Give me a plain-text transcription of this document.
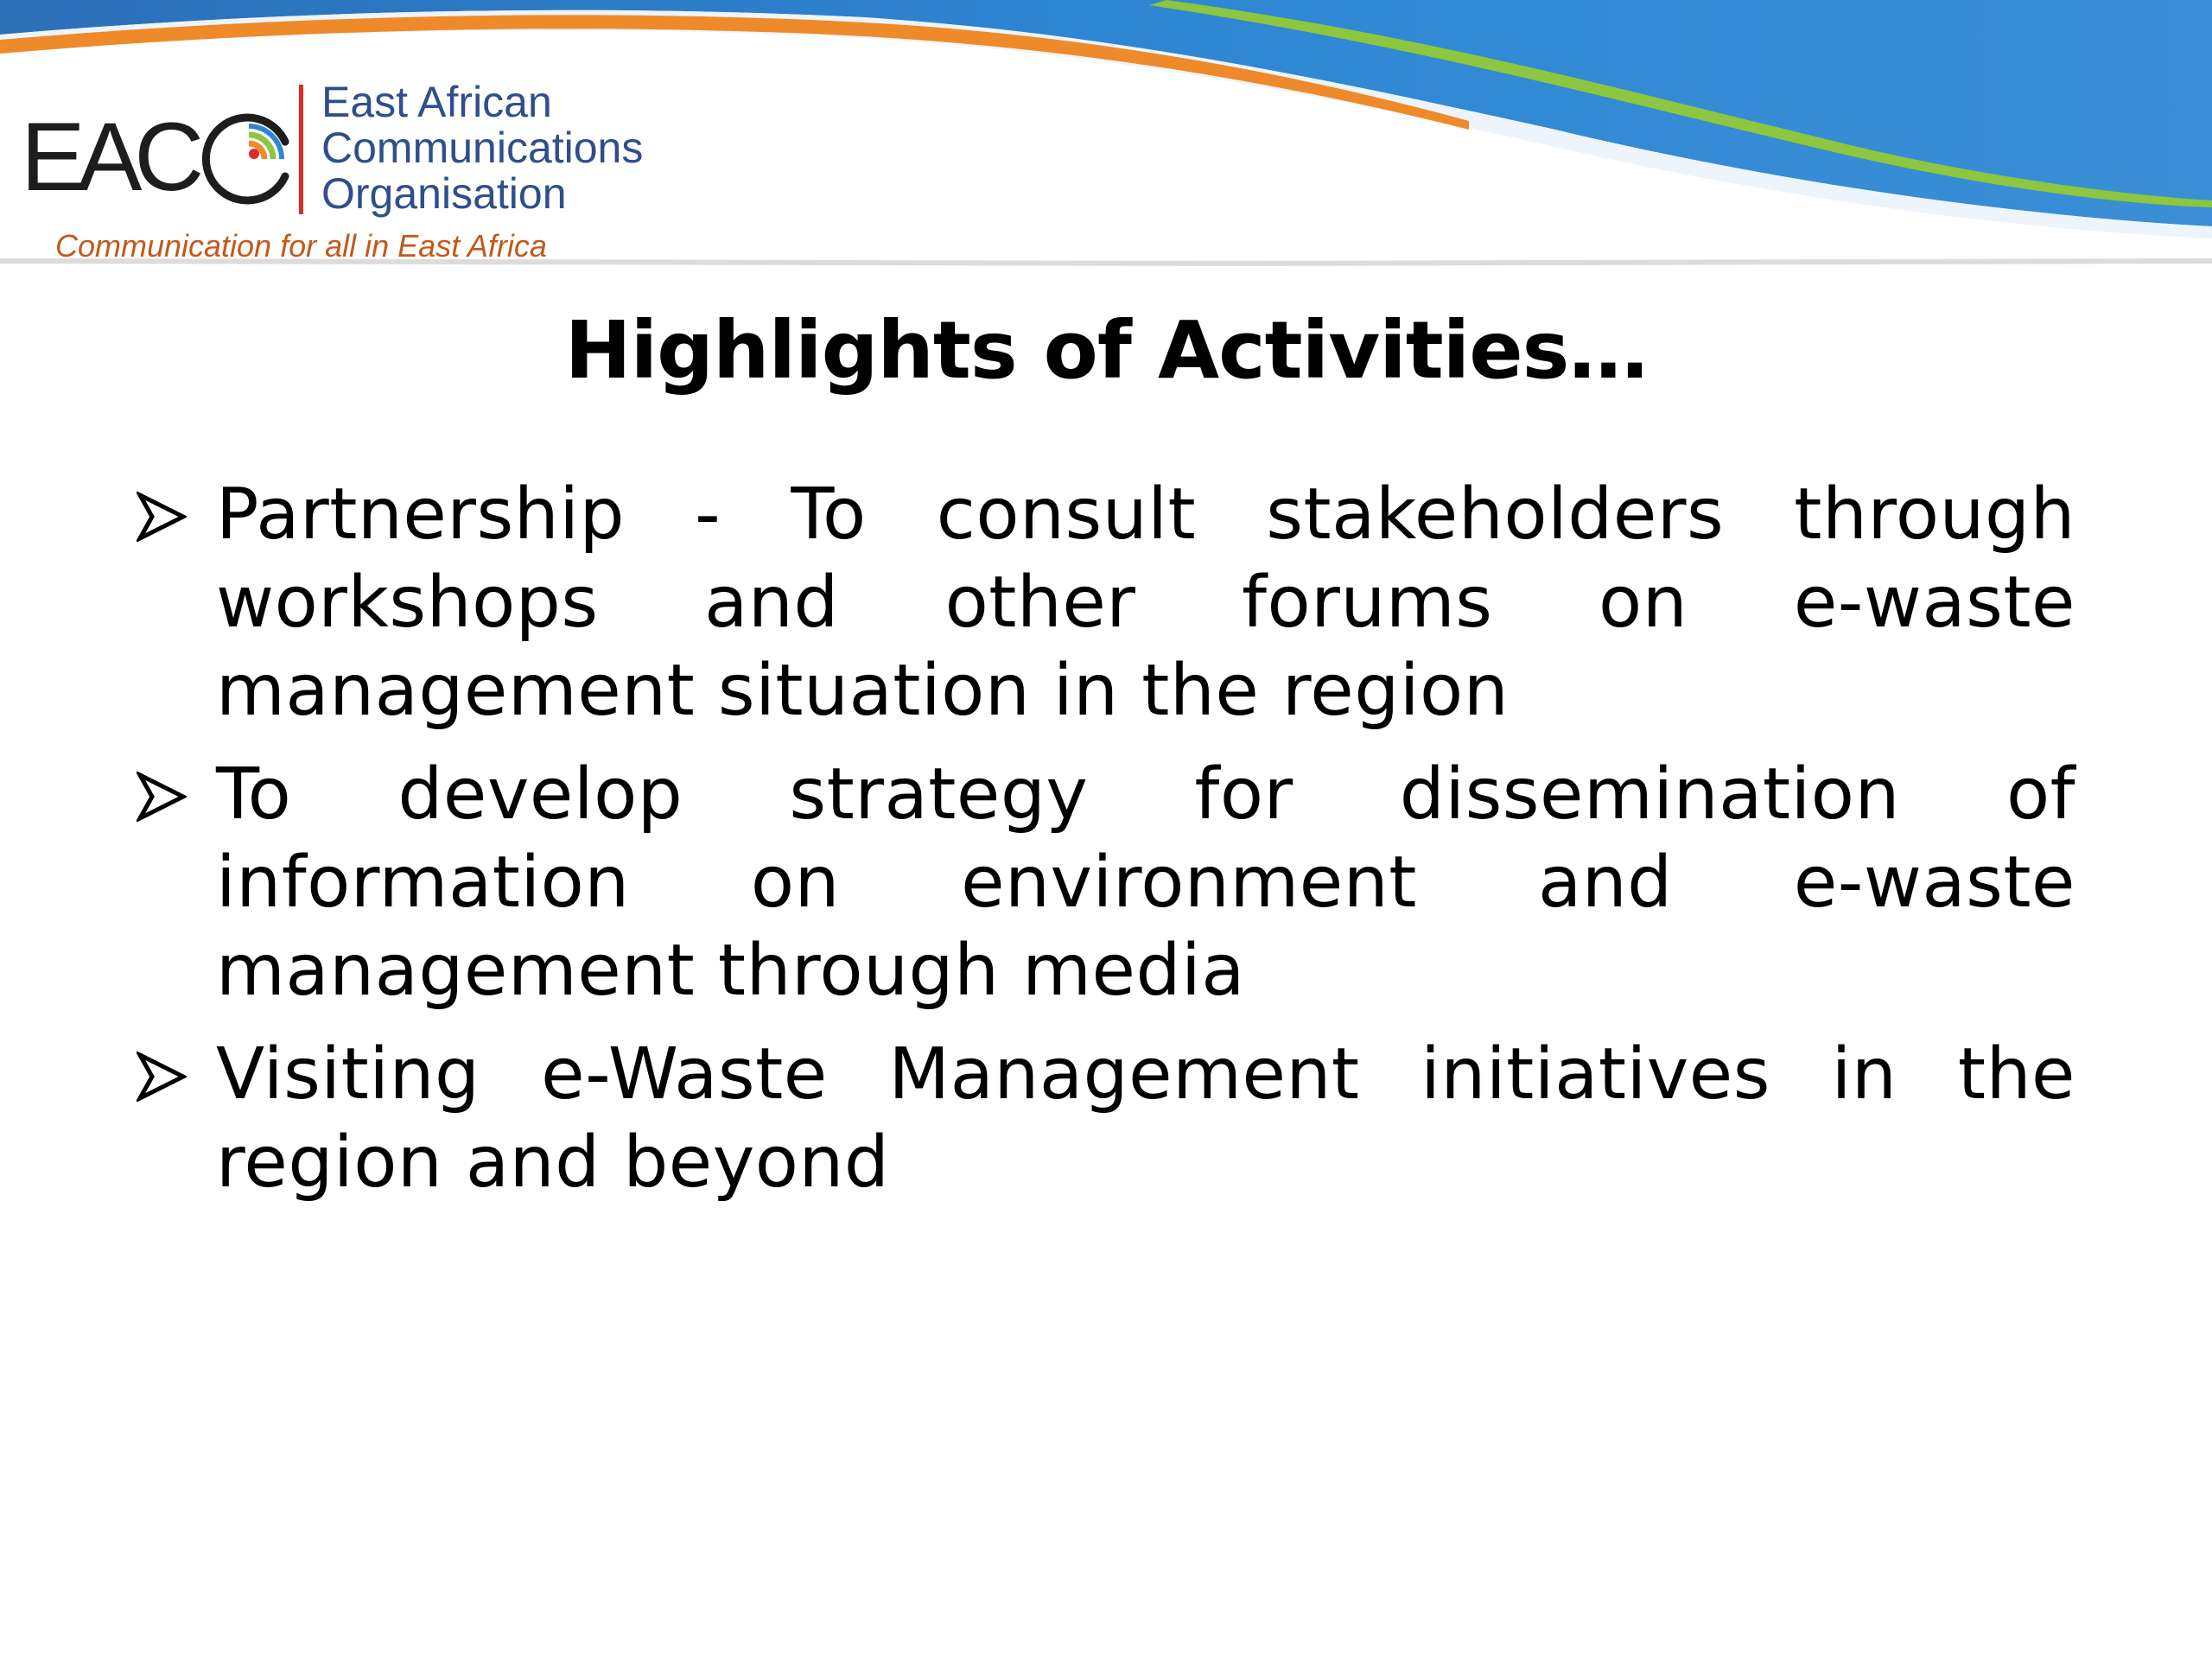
EAC
East African
Communications
Organisation
Communication for all in East Africa
Highlights of Activities…
Partnership - To consult stakeholders through workshops and other forums on e-waste management situation in the region
To develop strategy for dissemination of information on environment and e-waste management through media
Visiting e-Waste Management initiatives in the region and beyond
